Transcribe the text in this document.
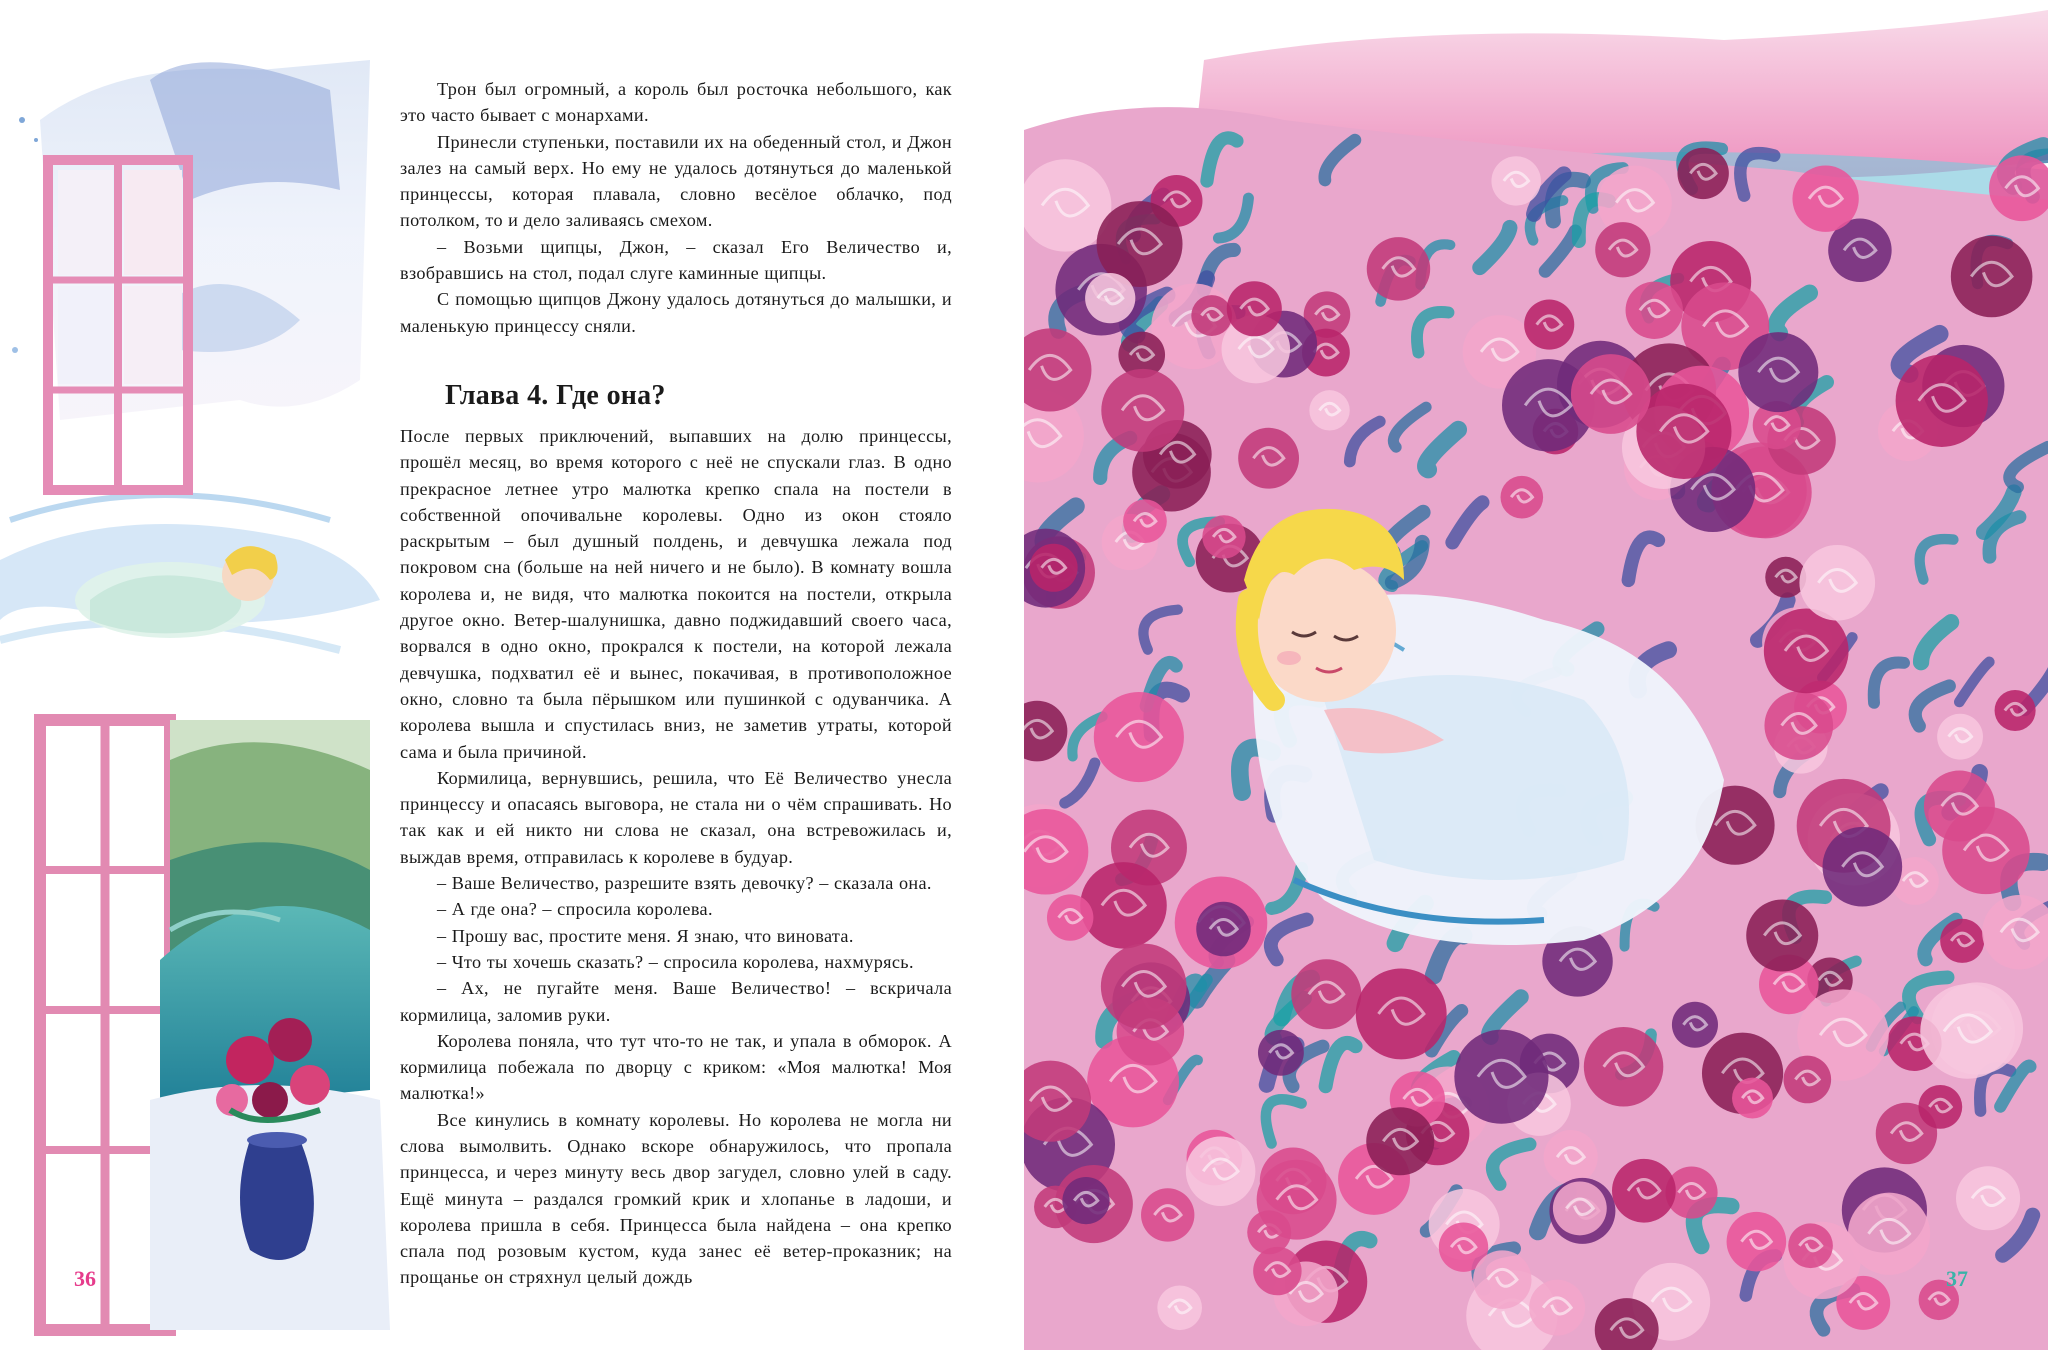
Трон был огромный, а король был росточка небольшого, как это часто бывает с монархами.

Принесли ступеньки, поставили их на обеденный стол, и Джон залез на самый верх. Но ему не удалось дотянуться до маленькой принцессы, которая плавала, словно весёлое облачко, под потолком, то и дело заливаясь смехом.

– Возьми щипцы, Джон, – сказал Его Величество и, взобравшись на стол, подал слуге каминные щипцы.

С помощью щипцов Джону удалось дотянуться до малышки, и маленькую принцессу сняли.

Глава 4. Где она?

После первых приключений, выпавших на долю принцессы, прошёл месяц, во время которого с неё не спускали глаз. В одно прекрасное летнее утро малютка крепко спала на постели в собственной опочивальне королевы. Одно из окон стояло раскрытым – был душный полдень, и девчушка лежала под покровом сна (больше на ней ничего и не было). В комнату вошла королева и, не видя, что малютка покоится на постели, открыла другое окно. Ветер-шалунишка, давно поджидавший своего часа, ворвался в одно окно, прокрался к постели, на которой лежала девчушка, подхватил её и вынес, покачивая, в противоположное окно, словно та была пёрышком или пушинкой с одуванчика. А королева вышла и спустилась вниз, не заметив утраты, которой сама и была причиной.

Кормилица, вернувшись, решила, что Её Величество унесла принцессу и опасаясь выговора, не стала ни о чём спрашивать. Но так как и ей никто ни слова не сказал, она встревожилась и, выждав время, отправилась к королеве в будуар.

– Ваше Величество, разрешите взять девочку? – сказала она.

– А где она? – спросила королева.

– Прошу вас, простите меня. Я знаю, что виновата.

– Что ты хочешь сказать? – спросила королева, нахмурясь.

– Ах, не пугайте меня. Ваше Величество! – вскричала кормилица, заломив руки.

Королева поняла, что тут что-то не так, и упала в обморок. А кормилица побежала по дворцу с криком: «Моя малютка! Моя малютка!»

Все кинулись в комнату королевы. Но королева не могла ни слова вымолвить. Однако вскоре обнаружилось, что пропала принцесса, и через минуту весь двор загудел, словно улей в саду. Ещё минута – раздался громкий крик и хлопанье в ладоши, и королева пришла в себя. Принцесса была найдена – она крепко спала под розовым кустом, куда занес её ветер-проказник; на прощанье он стряхнул целый дождь

36	37
